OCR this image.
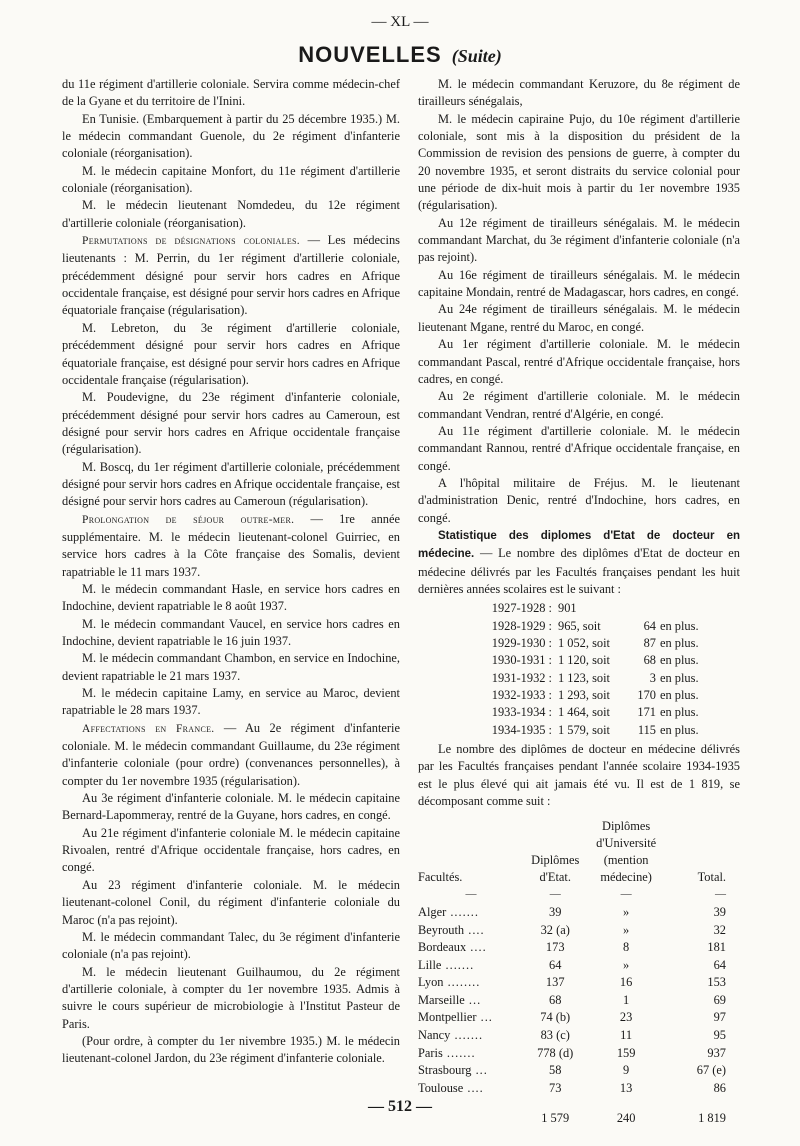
— XL —
NOUVELLES (Suite)

du 11e régiment d'artillerie coloniale. Servira comme médecin-chef de la Gyane et du territoire de l'Inini.

En Tunisie. (Embarquement à partir du 25 décembre 1935.) M. le médecin commandant Guenole, du 2e régiment d'infanterie coloniale (réorganisation).

M. le médecin capitaine Monfort, du 11e régiment d'artillerie coloniale (réorganisation).

M. le médecin lieutenant Nomdedeu, du 12e régiment d'artillerie coloniale (réorganisation).

Permutations de désignations coloniales. — Les médecins lieutenants : M. Perrin, du 1er régiment d'artillerie coloniale, précédemment désigné pour servir hors cadres en Afrique occidentale française, est désigné pour servir hors cadres en Afrique équatoriale française (régularisation).

M. Lebreton, du 3e régiment d'artillerie coloniale, précédemment désigné pour servir hors cadres en Afrique équatoriale française, est désigné pour servir hors cadres en Afrique occidentale française (régularisation).

M. Poudevigne, du 23e régiment d'infanterie coloniale, précédemment désigné pour servir hors cadres au Cameroun, est désigné pour servir hors cadres en Afrique occidentale française (régularisation).

M. Boscq, du 1er régiment d'artillerie coloniale, précédemment désigné pour servir hors cadres en Afrique occidentale française, est désigné pour servir hors cadres au Cameroun (régularisation).

Prolongation de séjour outre-mer. — 1re année supplémentaire. M. le médecin lieutenant-colonel Guirriec, en service hors cadres à la Côte française des Somalis, devient rapatriable le 11 mars 1937.

M. le médecin commandant Hasle, en service hors cadres en Indochine, devient rapatriable le 8 août 1937.

M. le médecin commandant Vaucel, en service hors cadres en Indochine, devient rapatriable le 16 juin 1937.

M. le médecin commandant Chambon, en service en Indochine, devient rapatriable le 21 mars 1937.

M. le médecin capitaine Lamy, en service au Maroc, devient rapatriable le 28 mars 1937.

Affectations en France. — Au 2e régiment d'infanterie coloniale. M. le médecin commandant Guillaume, du 23e régiment d'infanterie coloniale (pour ordre) (convenances personnelles), à compter du 1er novembre 1935 (régularisation).

Au 3e régiment d'infanterie coloniale. M. le médecin capitaine Bernard-Lapommeray, rentré de la Guyane, hors cadres, en congé.

Au 21e régiment d'infanterie coloniale M. le médecin capitaine Rivoalen, rentré d'Afrique occidentale française, hors cadres, en congé.

Au 23 régiment d'infanterie coloniale. M. le médecin lieutenant-colonel Conil, du régiment d'infanterie coloniale du Maroc (n'a pas rejoint).

M. le médecin commandant Talec, du 3e régiment d'infanterie coloniale (n'a pas rejoint).

M. le médecin lieutenant Guilhaumou, du 2e régiment d'artillerie coloniale, à compter du 1er novembre 1935. Admis à suivre le cours supérieur de microbiologie à l'Institut Pasteur de Paris.

(Pour ordre, à compter du 1er nivembre 1935.) M. le médecin lieutenant-colonel Jardon, du 23e régiment d'infanterie coloniale.

M. le médecin commandant Keruzore, du 8e régiment de tirailleurs sénégalais,

M. le médecin capiraine Pujo, du 10e régiment d'artillerie coloniale, sont mis à la disposition du président de la Commission de revision des pensions de guerre, à compter du 20 novembre 1935, et seront distraits du service colonial pour une période de dix-huit mois à partir du 1er novembre 1935 (régularisation).

Au 12e régiment de tirailleurs sénégalais. M. le médecin commandant Marchat, du 3e régiment d'infanterie coloniale (n'a pas rejoint).

Au 16e régiment de tirailleurs sénégalais. M. le médecin capitaine Mondain, rentré de Madagascar, hors cadres, en congé.

Au 24e régiment de tirailleurs sénégalais. M. le médecin lieutenant Mgane, rentré du Maroc, en congé.

Au 1er régiment d'artillerie coloniale. M. le médecin commandant Pascal, rentré d'Afrique occidentale française, hors cadres, en congé.

Au 2e régiment d'artillerie coloniale. M. le médecin commandant Vendran, rentré d'Algérie, en congé.

Au 11e régiment d'artillerie coloniale. M. le médecin commandant Rannou, rentré d'Afrique occidentale française, en congé.

A l'hôpital militaire de Fréjus. M. le lieutenant d'administration Denic, rentré d'Indochine, hors cadres, en congé.

Statistique des diplomes d'Etat de docteur en médecine. — Le nombre des diplômes d'Etat de docteur en médecine délivrés par les Facultés françaises pendant les huit dernières années scolaires est le suivant :

1927-1928 : 901
1928-1929 : 965, soit	64 en plus.
1929-1930 : 1 052, soit	87 en plus.
1930-1931 : 1 120, soit	68 en plus.
1931-1932 : 1 123, soit	3 en plus.
1932-1933 : 1 293, soit	170 en plus.
1933-1934 : 1 464, soit	171 en plus.
1934-1935 : 1 579, soit	115 en plus.

Le nombre des diplômes de docteur en médecine délivrés par les Facultés françaises pendant l'année scolaire 1934-1935 est le plus élevé qui ait jamais été vu. Il est de 1 819, se décomposant comme suit :

Facultés.	Diplômes d'Etat.	Diplômes d'Université (mention médecine)	Total.
—	—	—	—
Alger .......	39	»	39
Beyrouth ....	32 (a)	»	32
Bordeaux ....	173	8	181
Lille .......	64	»	64
Lyon ........	137	16	153
Marseille ...	68	1	69
Montpellier ...	74 (b)	23	97
Nancy .......	83 (c)	11	95
Paris .......	778 (d)	159	937
Strasbourg ...	58	9	67 (e)
Toulouse ....	73	13	86
	1 579	240	1 819
— 512 —
